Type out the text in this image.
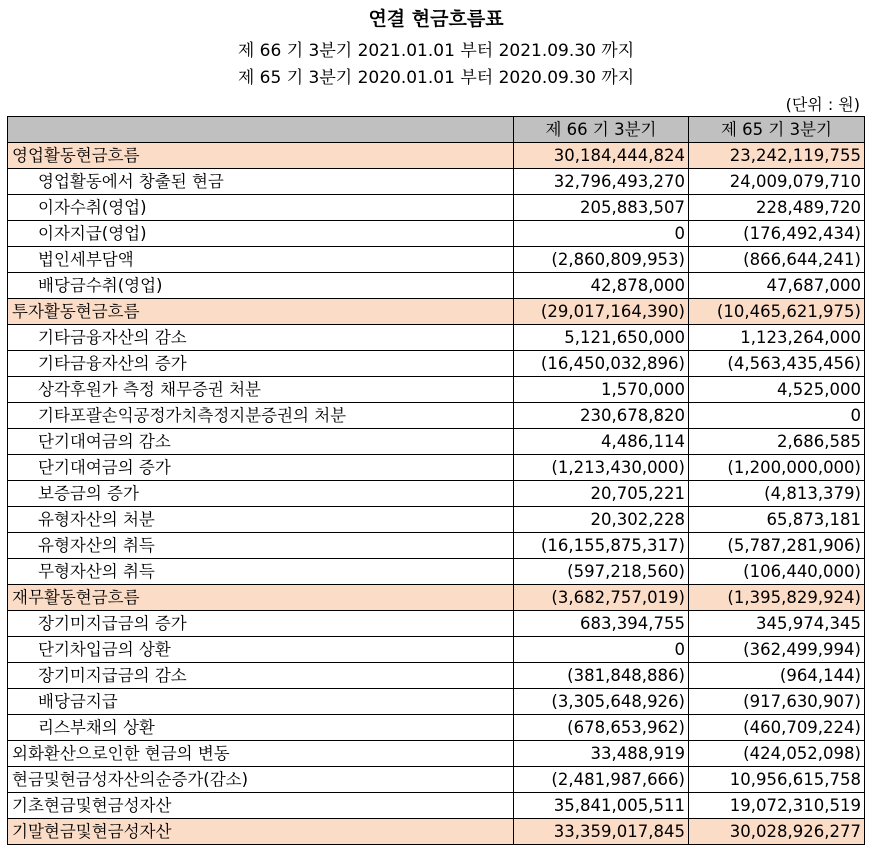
연결 현금흐름표
제 66 기 3분기 2021.01.01 부터 2021.09.30 까지
제 65 기 3분기 2020.01.01 부터 2020.09.30 까지
(단위 : 원)
	제 66 기 3분기	제 65 기 3분기
영업활동현금흐름	30,184,444,824	23,242,119,755
영업활동에서 창출된 현금	32,796,493,270	24,009,079,710
이자수취(영업)	205,883,507	228,489,720
이자지급(영업)	0	(176,492,434)
법인세부담액	(2,860,809,953)	(866,644,241)
배당금수취(영업)	42,878,000	47,687,000
투자활동현금흐름	(29,017,164,390)	(10,465,621,975)
기타금융자산의 감소	5,121,650,000	1,123,264,000
기타금융자산의 증가	(16,450,032,896)	(4,563,435,456)
상각후원가 측정 채무증권 처분	1,570,000	4,525,000
기타포괄손익공정가치측정지분증권의 처분	230,678,820	0
단기대여금의 감소	4,486,114	2,686,585
단기대여금의 증가	(1,213,430,000)	(1,200,000,000)
보증금의 증가	20,705,221	(4,813,379)
유형자산의 처분	20,302,228	65,873,181
유형자산의 취득	(16,155,875,317)	(5,787,281,906)
무형자산의 취득	(597,218,560)	(106,440,000)
재무활동현금흐름	(3,682,757,019)	(1,395,829,924)
장기미지급금의 증가	683,394,755	345,974,345
단기차입금의 상환	0	(362,499,994)
장기미지급금의 감소	(381,848,886)	(964,144)
배당금지급	(3,305,648,926)	(917,630,907)
리스부채의 상환	(678,653,962)	(460,709,224)
외화환산으로인한 현금의 변동	33,488,919	(424,052,098)
현금및현금성자산의순증가(감소)	(2,481,987,666)	10,956,615,758
기초현금및현금성자산	35,841,005,511	19,072,310,519
기말현금및현금성자산	33,359,017,845	30,028,926,277
